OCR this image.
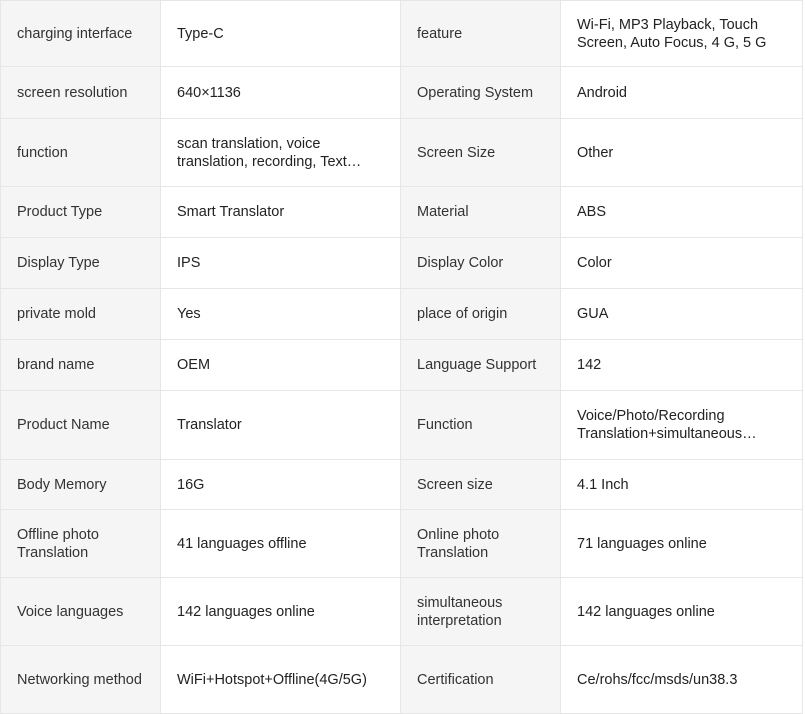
charging interface	Type-C	feature	Wi-Fi, MP3 Playback, Touch Screen, Auto Focus, 4 G, 5 G

screen resolution	640×1136	Operating System	Android

function	scan translation, voice translation, recording, Text…	Screen Size	Other

Product Type	Smart Translator	Material	ABS

Display Type	IPS	Display Color	Color

private mold	Yes	place of origin	GUA

brand name	OEM	Language Support	142

Product Name	Translator	Function	Voice/Photo/Recording Translation+simultaneous…

Body Memory	16G	Screen size	4.1 Inch

Offline photo Translation	41 languages offline	Online photo Translation	71 languages online

Voice languages	142 languages online	simultaneous interpretation	142 languages online

Networking method	WiFi+Hotspot+Offline(4G/5G)	Certification	Ce/rohs/fcc/msds/un38.3
